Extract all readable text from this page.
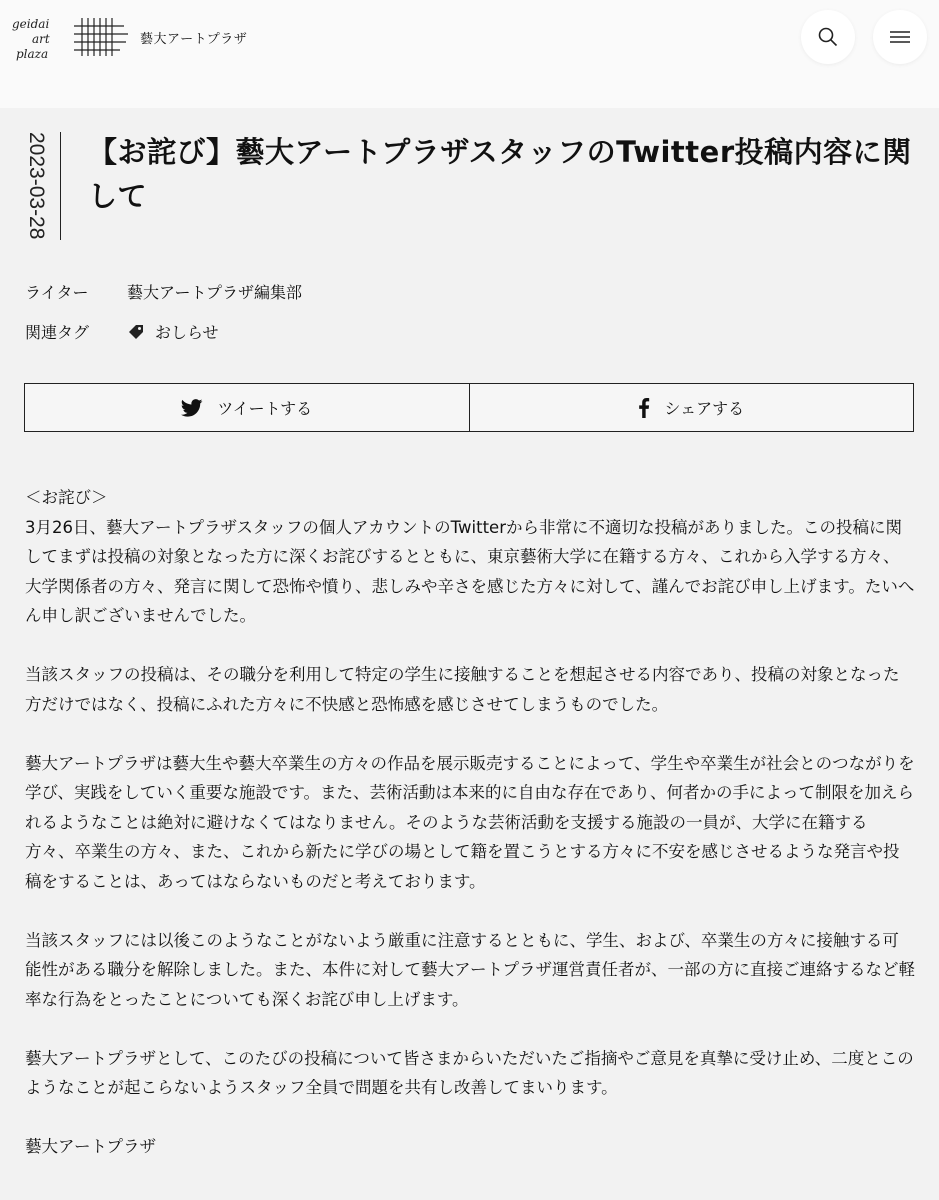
geidai
art
plaza
藝大アートプラザ
2023-03-28 【お詫び】藝大アートプラザスタッフのTwitter投稿内容に関して
ライター 藝大アートプラザ編集部
関連タグ	おしらせ
ツイートする	シェアする

＜お詫び＞
3月26日、藝大アートプラザスタッフの個人アカウントのTwitterから非常に不適切な投稿がありました。この投稿に関してまずは投稿の対象となった方に深くお詫びするとともに、東京藝術大学に在籍する方々、これから入学する方々、大学関係者の方々、発言に関して恐怖や憤り、悲しみや辛さを感じた方々に対して、謹んでお詫び申し上げます。たいへん申し訳ございませんでした。

当該スタッフの投稿は、その職分を利用して特定の学生に接触することを想起させる内容であり、投稿の対象となった方だけではなく、投稿にふれた方々に不快感と恐怖感を感じさせてしまうものでした。

藝大アートプラザは藝大生や藝大卒業生の方々の作品を展示販売することによって、学生や卒業生が社会とのつながりを学び、実践をしていく重要な施設です。また、芸術活動は本来的に自由な存在であり、何者かの手によって制限を加えられるようなことは絶対に避けなくてはなりません。そのような芸術活動を支援する施設の一員が、大学に在籍する方々、卒業生の方々、また、これから新たに学びの場として籍を置こうとする方々に不安を感じさせるような発言や投稿をすることは、あってはならないものだと考えております。

当該スタッフには以後このようなことがないよう厳重に注意するとともに、学生、および、卒業生の方々に接触する可能性がある職分を解除しました。また、本件に対して藝大アートプラザ運営責任者が、一部の方に直接ご連絡するなど軽率な行為をとったことについても深くお詫び申し上げます。

藝大アートプラザとして、このたびの投稿について皆さまからいただいたご指摘やご意見を真摯に受け止め、二度とこのようなことが起こらないようスタッフ全員で問題を共有し改善してまいります。

藝大アートプラザ
